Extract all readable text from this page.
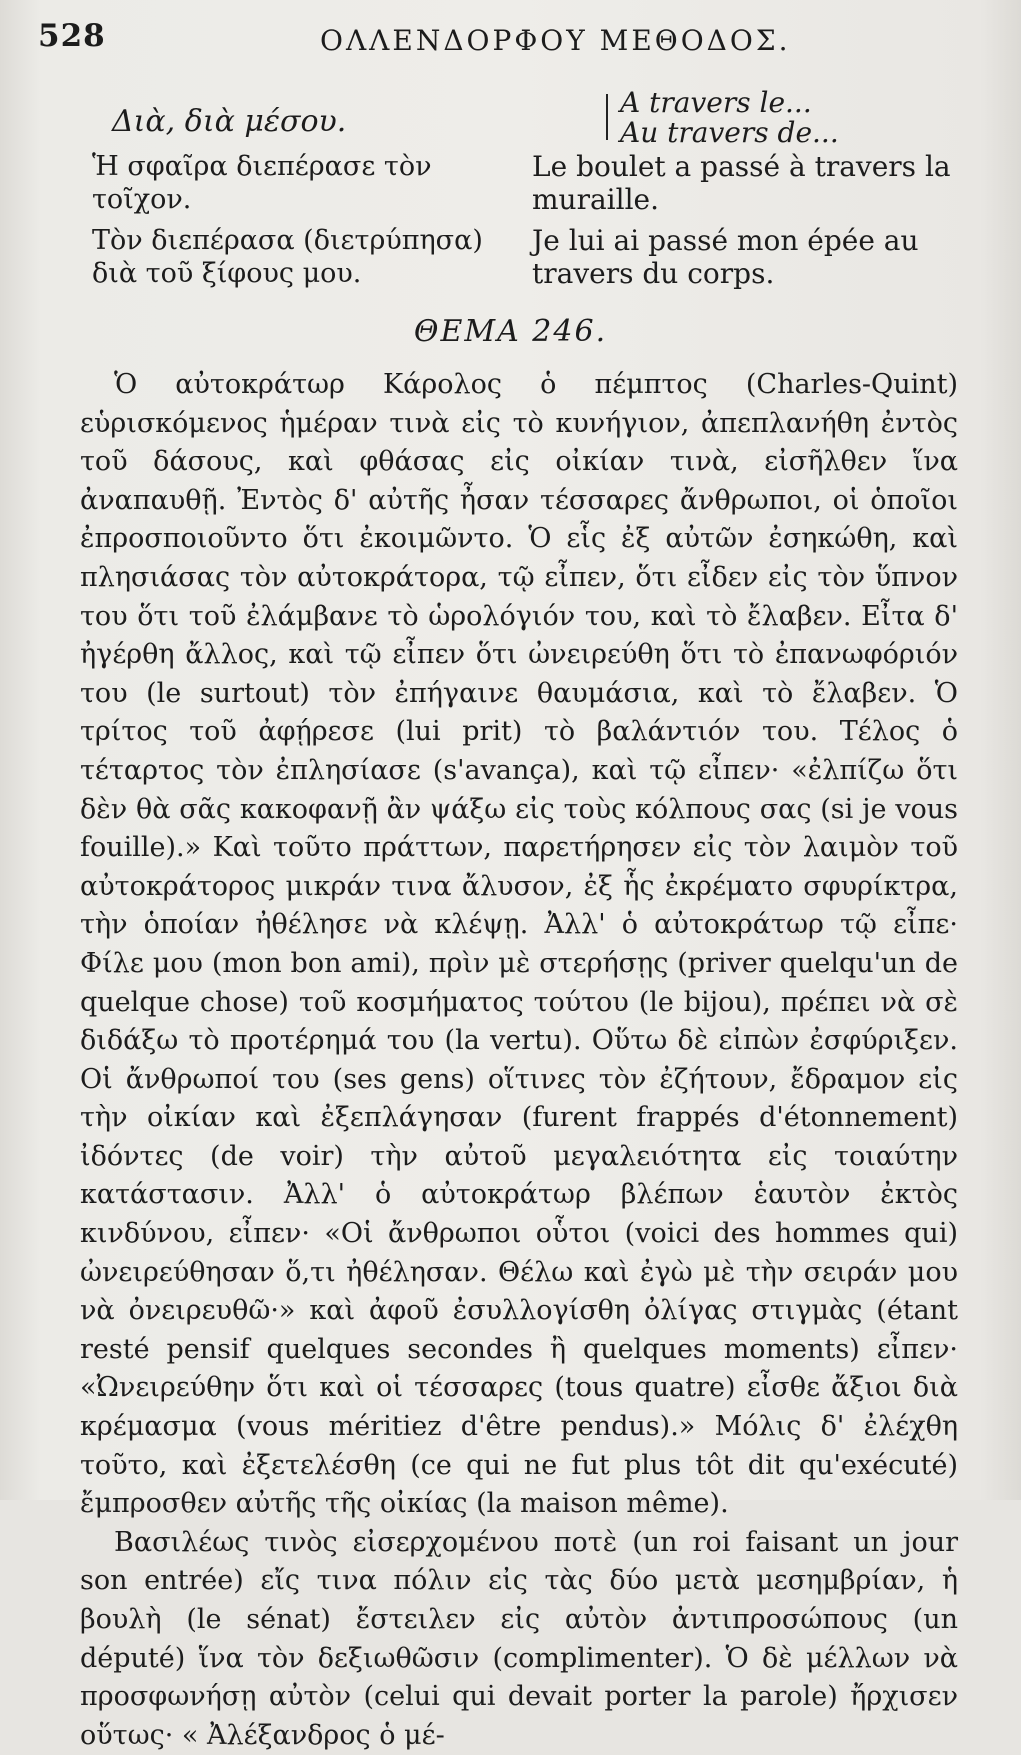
528	ΟΛΛΕΝΔΟΡΦΟΥ ΜΕΘΟΔΟΣ.
Διὰ, διὰ μέσου.
A travers le...
Au travers de...
Ἡ σφαῖρα διεπέρασε τὸν τοῖχον.
Le boulet a passé à travers la muraille.
Τὸν διεπέρασα (διετρύπησα) διὰ τοῦ ξίφους μου.
Je lui ai passé mon épée au travers du corps.
ΘΕΜΑ 246.

Ὁ αὐτοκράτωρ Κάρολος ὁ πέμπτος (Charles-Quint) εὑρισκόμενος ἡμέραν τινὰ εἰς τὸ κυνήγιον, ἀπεπλανήθη ἐντὸς τοῦ δάσους, καὶ φθάσας εἰς οἰκίαν τινὰ, εἰσῆλθεν ἵνα ἀναπαυθῇ. Ἐντὸς δ' αὐτῆς ἦσαν τέσσαρες ἄνθρωποι, οἱ ὁποῖοι ἐπροσποιοῦντο ὅτι ἐκοιμῶντο. Ὁ εἷς ἐξ αὐτῶν ἐσηκώθη, καὶ πλησιάσας τὸν αὐτοκράτορα, τῷ εἶπεν, ὅτι εἶδεν εἰς τὸν ὕπνον του ὅτι τοῦ ἐλάμβανε τὸ ὡρολόγιόν του, καὶ τὸ ἔλαβεν. Εἶτα δ' ἠγέρθη ἄλλος, καὶ τῷ εἶπεν ὅτι ὠνειρεύθη ὅτι τὸ ἐπανωφόριόν του (le surtout) τὸν ἐπήγαινε θαυμάσια, καὶ τὸ ἔλαβεν. Ὁ τρίτος τοῦ ἀφῄρεσε (lui prit) τὸ βαλάντιόν του. Τέλος ὁ τέταρτος τὸν ἐπλησίασε (s'avança), καὶ τῷ εἶπεν· «ἐλπίζω ὅτι δὲν θὰ σᾶς κακοφανῇ ἂν ψάξω εἰς τοὺς κόλπους σας (si je vous fouille).» Καὶ τοῦτο πράττων, παρετήρησεν εἰς τὸν λαιμὸν τοῦ αὐτοκράτορος μικράν τινα ἄλυσον, ἐξ ἧς ἐκρέματο σφυρίκτρα, τὴν ὁποίαν ἠθέλησε νὰ κλέψῃ. Ἀλλ' ὁ αὐτοκράτωρ τῷ εἶπε· Φίλε μου (mon bon ami), πρὶν μὲ στερήσῃς (priver quelqu'un de quelque chose) τοῦ κοσμήματος τούτου (le bijou), πρέπει νὰ σὲ διδάξω τὸ προτέρημά του (la vertu). Οὕτω δὲ εἰπὼν ἐσφύριξεν. Οἱ ἄνθρωποί του (ses gens) οἵτινες τὸν ἐζήτουν, ἔδραμον εἰς τὴν οἰκίαν καὶ ἐξεπλάγησαν (furent frappés d'étonnement) ἰδόντες (de voir) τὴν αὐτοῦ μεγαλειότητα εἰς τοιαύτην κατάστασιν. Ἀλλ' ὁ αὐτοκράτωρ βλέπων ἑαυτὸν ἐκτὸς κινδύνου, εἶπεν· «Οἱ ἄνθρωποι οὗτοι (voici des hommes qui) ὠνειρεύθησαν ὅ,τι ἠθέλησαν. Θέλω καὶ ἐγὼ μὲ τὴν σειράν μου νὰ ὀνειρευθῶ·» καὶ ἀφοῦ ἐσυλλογίσθη ὀλίγας στιγμὰς (étant resté pensif quelques secondes ἢ quelques moments) εἶπεν· «Ὠνειρεύθην ὅτι καὶ οἱ τέσσαρες (tous quatre) εἶσθε ἄξιοι διὰ κρέμασμα (vous méritiez d'être pendus).» Μόλις δ' ἐλέχθη τοῦτο, καὶ ἐξετελέσθη (ce qui ne fut plus tôt dit qu'exécuté) ἔμπροσθεν αὐτῆς τῆς οἰκίας (la maison même).

Βασιλέως τινὸς εἰσερχομένου ποτὲ (un roi faisant un jour son entrée) εἴς τινα πόλιν εἰς τὰς δύο μετὰ μεσημβρίαν, ἡ βουλὴ (le sénat) ἔστειλεν εἰς αὐτὸν ἀντιπροσώπους (un député) ἵνα τὸν δεξιωθῶσιν (complimenter). Ὁ δὲ μέλλων νὰ προσφωνήσῃ αὐτὸν (celui qui devait porter la parole) ἤρχισεν οὕτως· « Ἀλέξανδρος ὁ μέ-
